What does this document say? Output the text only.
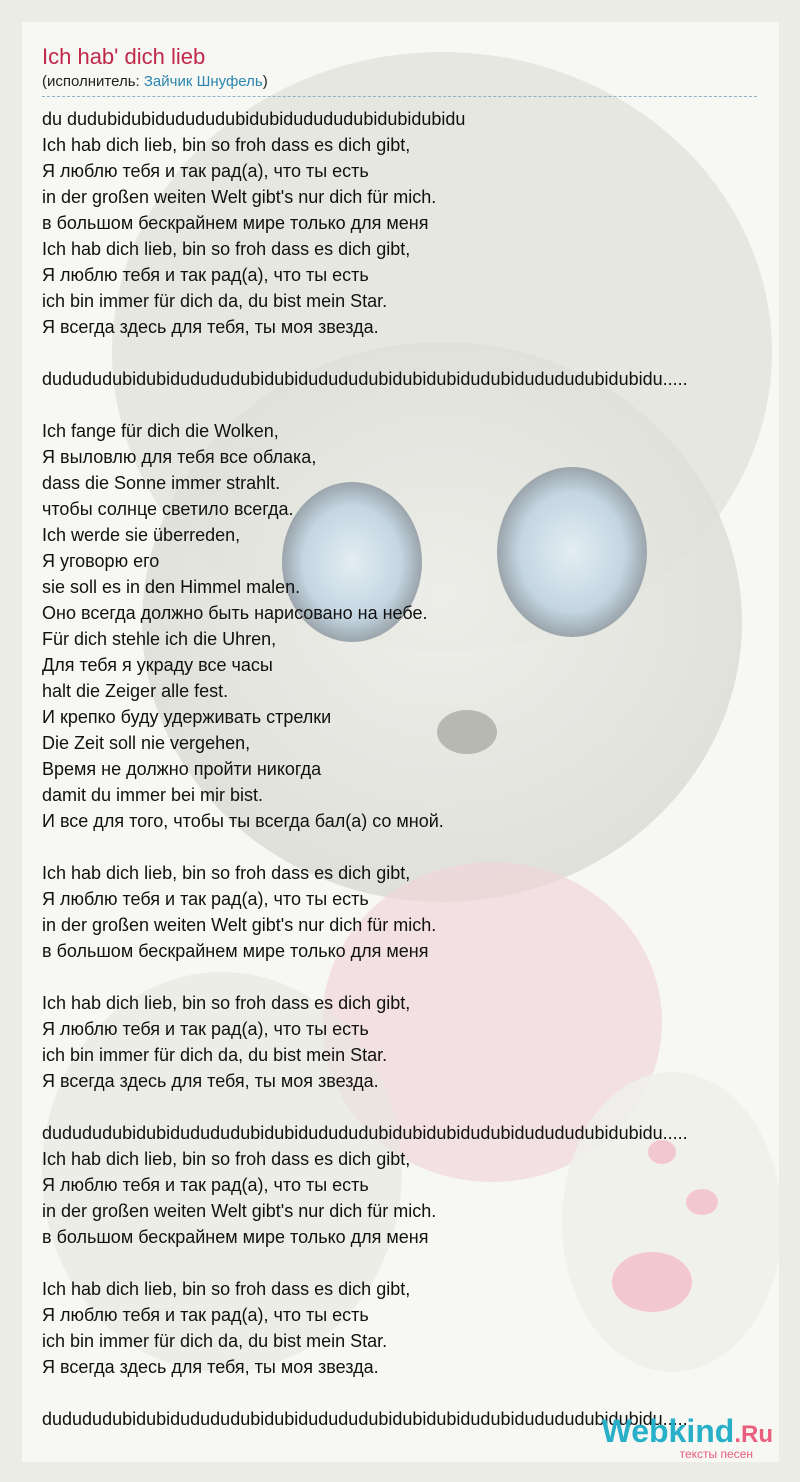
Ich hab' dich lieb
(исполнитель: Зайчик Шнуфель)
du dudubidubidudududubidubidudududubidubidubidu
Ich hab dich lieb, bin so froh dass es dich gibt,
Я люблю тебя и так рад(а), что ты есть
in der großen weiten Welt gibt's nur dich für mich.
в большом бескрайнем мире только для меня
Ich hab dich lieb, bin so froh dass es dich gibt,
Я люблю тебя и так рад(а), что ты есть
ich bin immer für dich da, du bist mein Star.
Я всегда здесь для тебя, ты моя звезда.
dudududubidubidudududubidubidudududubidubidubidudubidudududubidubidu.....
Ich fange für dich die Wolken,
Я выловлю для тебя все облака,
dass die Sonne immer strahlt.
чтобы солнце светило всегда.
Ich werde sie überreden,
Я уговорю его
sie soll es in den Himmel malen.
Оно всегда должно быть нарисовано на небе.
Für dich stehle ich die Uhren,
Для тебя я украду все часы
halt die Zeiger alle fest.
И крепко буду удерживать стрелки
Die Zeit soll nie vergehen,
Время не должно пройти никогда
damit du immer bei mir bist.
И все для того, чтобы ты всегда бал(а) со мной.
Ich hab dich lieb, bin so froh dass es dich gibt,
Я люблю тебя и так рад(а), что ты есть
in der großen weiten Welt gibt's nur dich für mich.
в большом бескрайнем мире только для меня
Ich hab dich lieb, bin so froh dass es dich gibt,
Я люблю тебя и так рад(а), что ты есть
ich bin immer für dich da, du bist mein Star.
Я всегда здесь для тебя, ты моя звезда.
dudududubidubidudududubidubidudududubidubidubidudubidudududubidubidu.....
Ich hab dich lieb, bin so froh dass es dich gibt,
Я люблю тебя и так рад(а), что ты есть
in der großen weiten Welt gibt's nur dich für mich.
в большом бескрайнем мире только для меня
Ich hab dich lieb, bin so froh dass es dich gibt,
Я люблю тебя и так рад(а), что ты есть
ich bin immer für dich da, du bist mein Star.
Я всегда здесь для тебя, ты моя звезда.
dudududubidubidudududubidubidudududubidubidubidudubidudududubidubidu.....
Webkind.Ru
тексты песен
